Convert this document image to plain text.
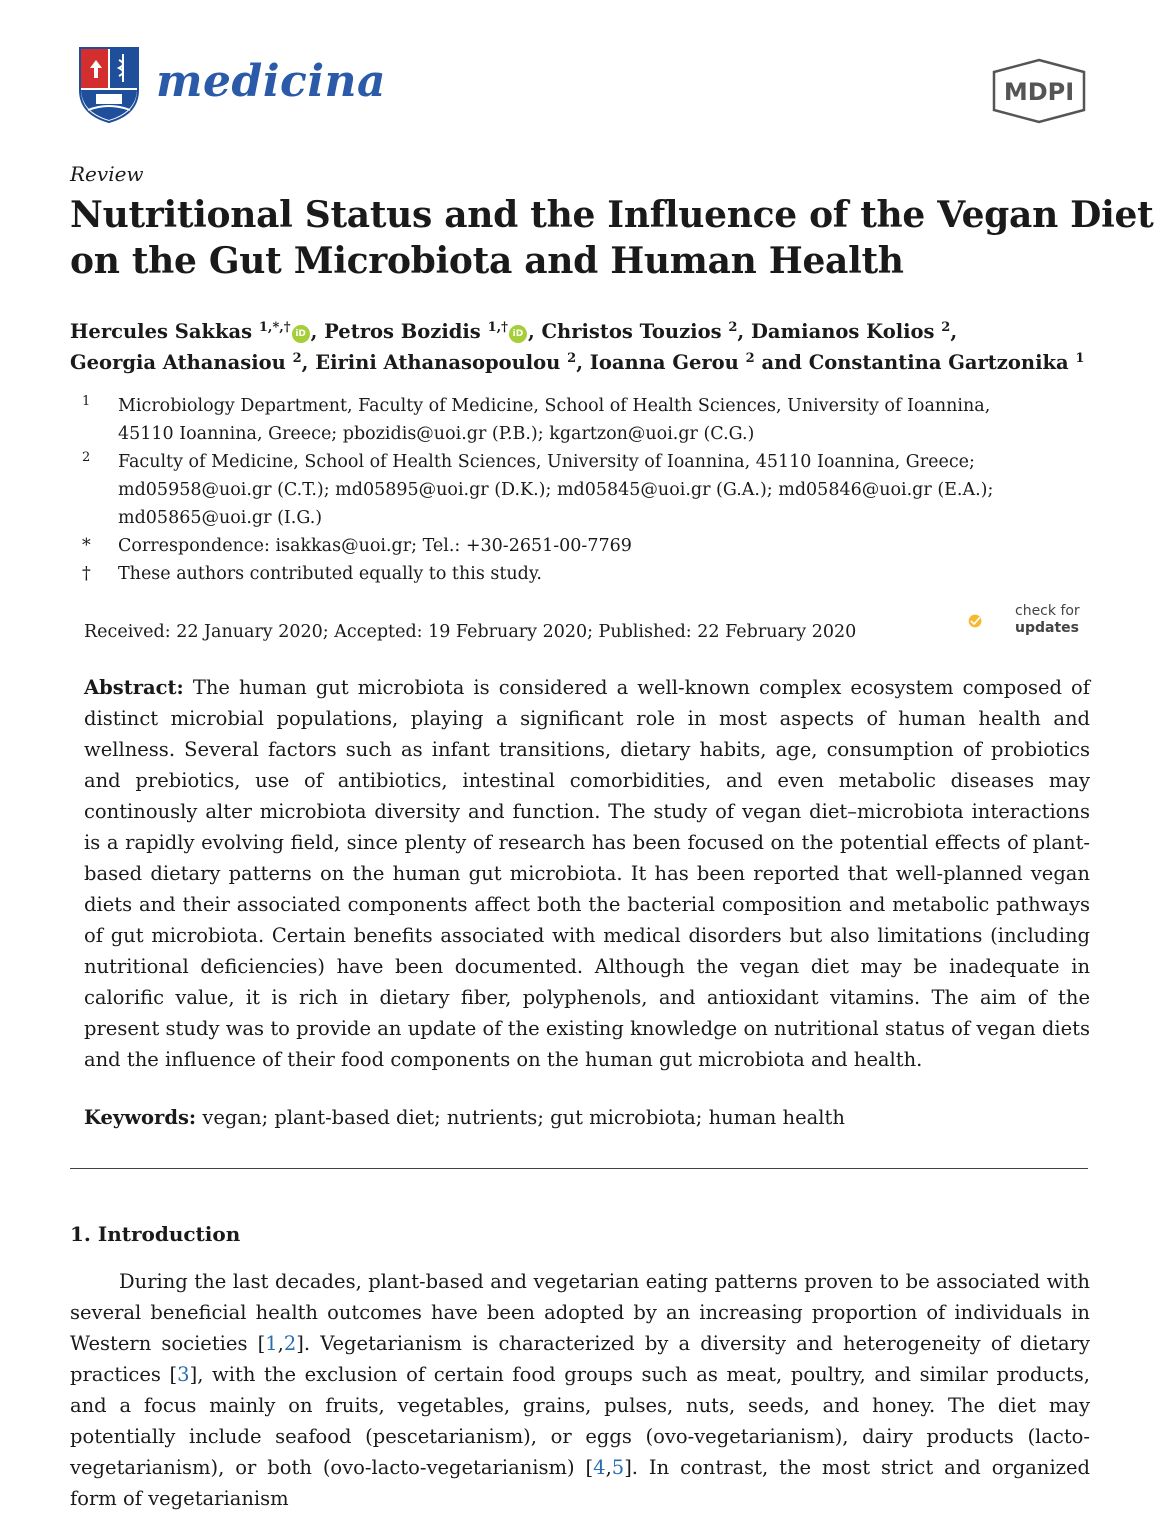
medicina	MDPI
Review
Nutritional Status and the Influence of the Vegan Diet
on the Gut Microbiota and Human Health
Hercules Sakkas $^{1,*,\dagger}$ iD , Petros Bozidis $^{1,\dagger}$ iD , Christos Touzios $^2$, Damianos Kolios $^2$,
Georgia Athanasiou $^2$, Eirini Athanasopoulou $^2$, Ioanna Gerou $^2$ and Constantina Gartzonika $^1$
1	Microbiology Department, Faculty of Medicine, School of Health Sciences, University of Ioannina,
45110 Ioannina, Greece; pbozidis@uoi.gr (P.B.); kgartzon@uoi.gr (C.G.)
2	Faculty of Medicine, School of Health Sciences, University of Ioannina, 45110 Ioannina, Greece;
md05958@uoi.gr (C.T.); md05895@uoi.gr (D.K.); md05845@uoi.gr (G.A.); md05846@uoi.gr (E.A.);
md05865@uoi.gr (I.G.)
*	Correspondence: isakkas@uoi.gr; Tel.: +30-2651-00-7769
†	These authors contributed equally to this study.
Received: 22 January 2020; Accepted: 19 February 2020; Published: 22 February 2020
check for
updates
Abstract: The human gut microbiota is considered a well-known complex ecosystem composed of distinct microbial populations, playing a significant role in most aspects of human health and wellness. Several factors such as infant transitions, dietary habits, age, consumption of probiotics and prebiotics, use of antibiotics, intestinal comorbidities, and even metabolic diseases may continously alter microbiota diversity and function. The study of vegan diet–microbiota interactions is a rapidly evolving field, since plenty of research has been focused on the potential effects of plant-based dietary patterns on the human gut microbiota. It has been reported that well-planned vegan diets and their associated components affect both the bacterial composition and metabolic pathways of gut microbiota. Certain benefits associated with medical disorders but also limitations (including nutritional deficiencies) have been documented. Although the vegan diet may be inadequate in calorific value, it is rich in dietary fiber, polyphenols, and antioxidant vitamins. The aim of the present study was to provide an update of the existing knowledge on nutritional status of vegan diets and the influence of their food components on the human gut microbiota and health.
Keywords: vegan; plant-based diet; nutrients; gut microbiota; human health
1. Introduction
During the last decades, plant-based and vegetarian eating patterns proven to be associated with several beneficial health outcomes have been adopted by an increasing proportion of individuals in Western societies [1,2]. Vegetarianism is characterized by a diversity and heterogeneity of dietary practices [3], with the exclusion of certain food groups such as meat, poultry, and similar products, and a focus mainly on fruits, vegetables, grains, pulses, nuts, seeds, and honey. The diet may potentially include seafood (pescetarianism), or eggs (ovo-vegetarianism), dairy products (lacto-vegetarianism), or both (ovo-lacto-vegetarianism) [4,5]. In contrast, the most strict and organized form of vegetarianism
